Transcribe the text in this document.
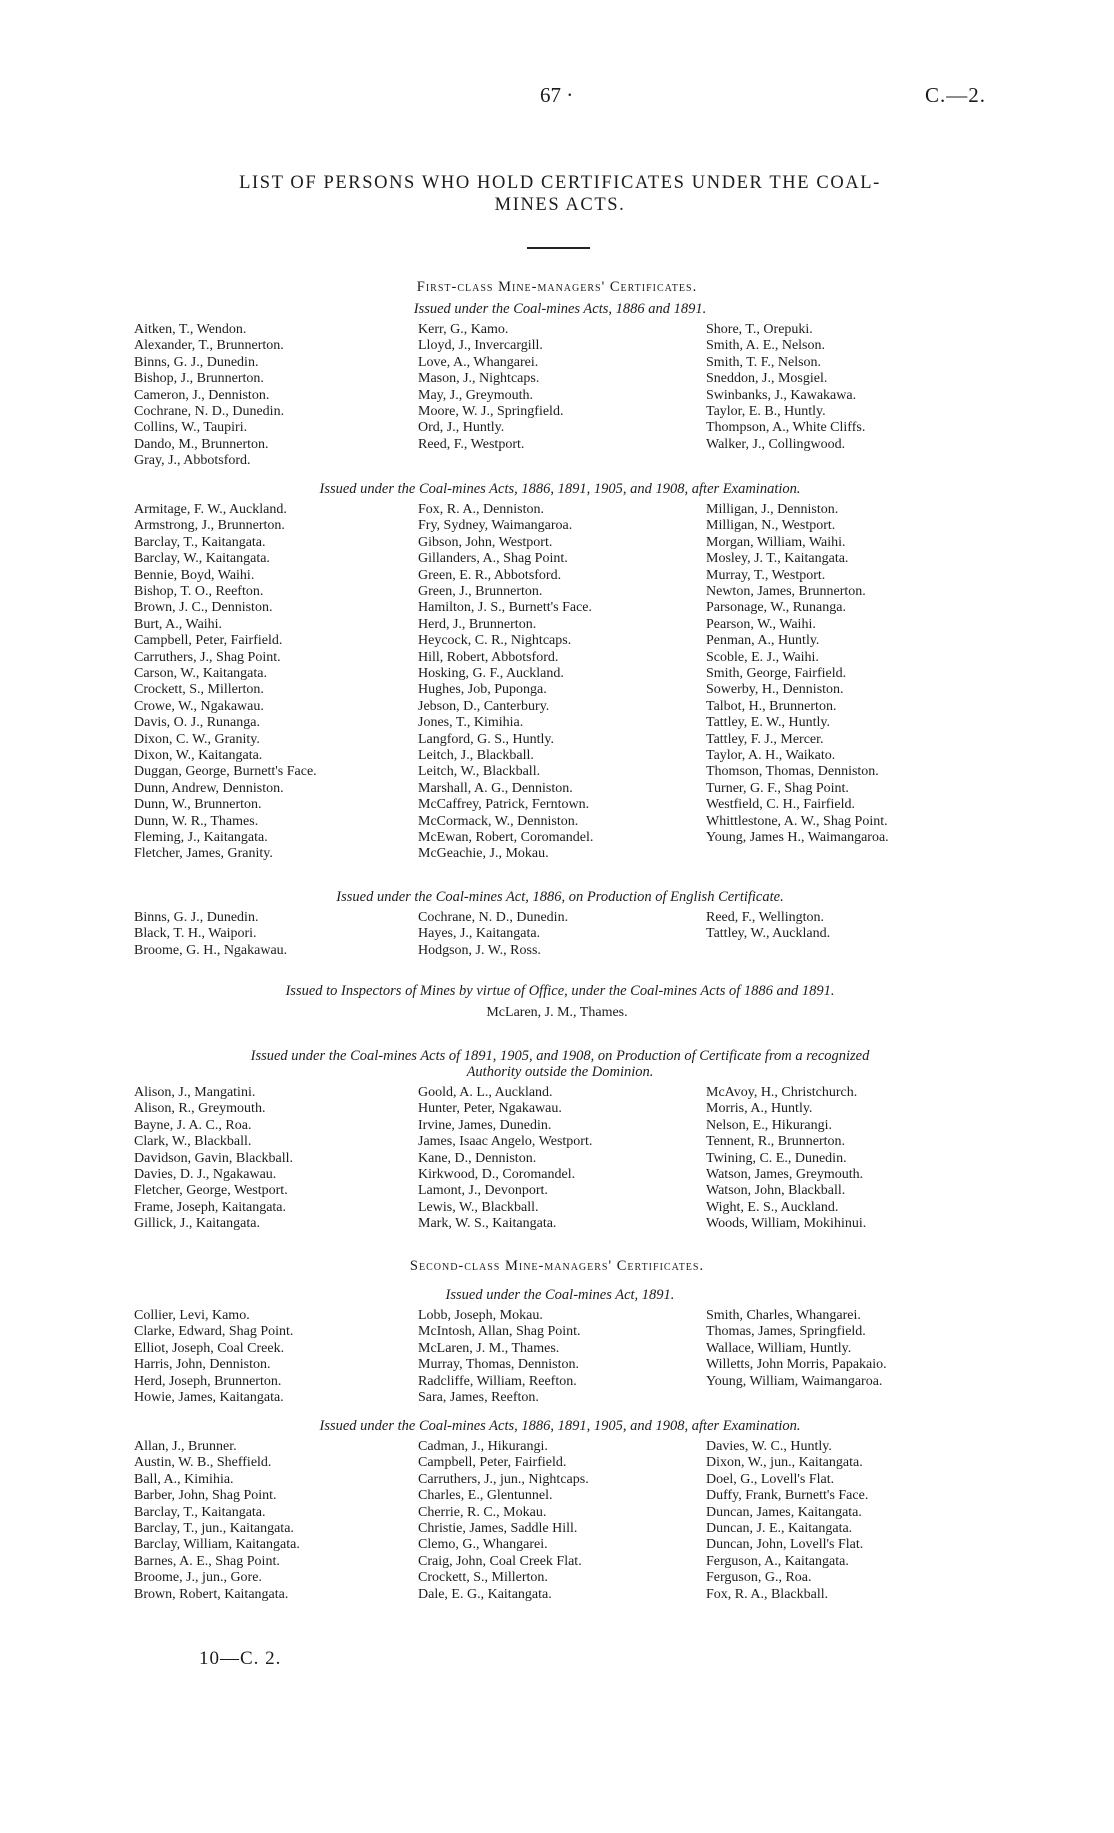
67 ·	C.—2.
LIST OF PERSONS WHO HOLD CERTIFICATES UNDER THE COAL-
MINES ACTS.
First-class Mine-managers' Certificates.
Issued under the Coal-mines Acts, 1886 and 1891.
Aitken, T., Wendon.	Kerr, G., Kamo.	Shore, T., Orepuki.
Alexander, T., Brunnerton.	Lloyd, J., Invercargill.	Smith, A. E., Nelson.
Binns, G. J., Dunedin.	Love, A., Whangarei.	Smith, T. F., Nelson.
Bishop, J., Brunnerton.	Mason, J., Nightcaps.	Sneddon, J., Mosgiel.
Cameron, J., Denniston.	May, J., Greymouth.	Swinbanks, J., Kawakawa.
Cochrane, N. D., Dunedin.	Moore, W. J., Springfield.	Taylor, E. B., Huntly.
Collins, W., Taupiri.	Ord, J., Huntly.	Thompson, A., White Cliffs.
Dando, M., Brunnerton.	Reed, F., Westport.	Walker, J., Collingwood.
Gray, J., Abbotsford.
Issued under the Coal-mines Acts, 1886, 1891, 1905, and 1908, after Examination.
Armitage, F. W., Auckland.	Fox, R. A., Denniston.	Milligan, J., Denniston.
Armstrong, J., Brunnerton.	Fry, Sydney, Waimangaroa.	Milligan, N., Westport.
Barclay, T., Kaitangata.	Gibson, John, Westport.	Morgan, William, Waihi.
Barclay, W., Kaitangata.	Gillanders, A., Shag Point.	Mosley, J. T., Kaitangata.
Bennie, Boyd, Waihi.	Green, E. R., Abbotsford.	Murray, T., Westport.
Bishop, T. O., Reefton.	Green, J., Brunnerton.	Newton, James, Brunnerton.
Brown, J. C., Denniston.	Hamilton, J. S., Burnett's Face.	Parsonage, W., Runanga.
Burt, A., Waihi.	Herd, J., Brunnerton.	Pearson, W., Waihi.
Campbell, Peter, Fairfield.	Heycock, C. R., Nightcaps.	Penman, A., Huntly.
Carruthers, J., Shag Point.	Hill, Robert, Abbotsford.	Scoble, E. J., Waihi.
Carson, W., Kaitangata.	Hosking, G. F., Auckland.	Smith, George, Fairfield.
Crockett, S., Millerton.	Hughes, Job, Puponga.	Sowerby, H., Denniston.
Crowe, W., Ngakawau.	Jebson, D., Canterbury.	Talbot, H., Brunnerton.
Davis, O. J., Runanga.	Jones, T., Kimihia.	Tattley, E. W., Huntly.
Dixon, C. W., Granity.	Langford, G. S., Huntly.	Tattley, F. J., Mercer.
Dixon, W., Kaitangata.	Leitch, J., Blackball.	Taylor, A. H., Waikato.
Duggan, George, Burnett's Face.	Leitch, W., Blackball.	Thomson, Thomas, Denniston.
Dunn, Andrew, Denniston.	Marshall, A. G., Denniston.	Turner, G. F., Shag Point.
Dunn, W., Brunnerton.	McCaffrey, Patrick, Ferntown.	Westfield, C. H., Fairfield.
Dunn, W. R., Thames.	McCormack, W., Denniston.	Whittlestone, A. W., Shag Point.
Fleming, J., Kaitangata.	McEwan, Robert, Coromandel.	Young, James H., Waimangaroa.
Fletcher, James, Granity.	McGeachie, J., Mokau.
Issued under the Coal-mines Act, 1886, on Production of English Certificate.
Binns, G. J., Dunedin.	Cochrane, N. D., Dunedin.	Reed, F., Wellington.
Black, T. H., Waipori.	Hayes, J., Kaitangata.	Tattley, W., Auckland.
Broome, G. H., Ngakawau.	Hodgson, J. W., Ross.
Issued to Inspectors of Mines by virtue of Office, under the Coal-mines Acts of 1886 and 1891.
McLaren, J. M., Thames.
Issued under the Coal-mines Acts of 1891, 1905, and 1908, on Production of Certificate from a recognized
Authority outside the Dominion.
Alison, J., Mangatini.	Goold, A. L., Auckland.	McAvoy, H., Christchurch.
Alison, R., Greymouth.	Hunter, Peter, Ngakawau.	Morris, A., Huntly.
Bayne, J. A. C., Roa.	Irvine, James, Dunedin.	Nelson, E., Hikurangi.
Clark, W., Blackball.	James, Isaac Angelo, Westport.	Tennent, R., Brunnerton.
Davidson, Gavin, Blackball.	Kane, D., Denniston.	Twining, C. E., Dunedin.
Davies, D. J., Ngakawau.	Kirkwood, D., Coromandel.	Watson, James, Greymouth.
Fletcher, George, Westport.	Lamont, J., Devonport.	Watson, John, Blackball.
Frame, Joseph, Kaitangata.	Lewis, W., Blackball.	Wight, E. S., Auckland.
Gillick, J., Kaitangata.	Mark, W. S., Kaitangata.	Woods, William, Mokihinui.
Second-class Mine-managers' Certificates.
Issued under the Coal-mines Act, 1891.
Collier, Levi, Kamo.	Lobb, Joseph, Mokau.	Smith, Charles, Whangarei.
Clarke, Edward, Shag Point.	McIntosh, Allan, Shag Point.	Thomas, James, Springfield.
Elliot, Joseph, Coal Creek.	McLaren, J. M., Thames.	Wallace, William, Huntly.
Harris, John, Denniston.	Murray, Thomas, Denniston.	Willetts, John Morris, Papakaio.
Herd, Joseph, Brunnerton.	Radcliffe, William, Reefton.	Young, William, Waimangaroa.
Howie, James, Kaitangata.	Sara, James, Reefton.
Issued under the Coal-mines Acts, 1886, 1891, 1905, and 1908, after Examination.
Allan, J., Brunner.	Cadman, J., Hikurangi.	Davies, W. C., Huntly.
Austin, W. B., Sheffield.	Campbell, Peter, Fairfield.	Dixon, W., jun., Kaitangata.
Ball, A., Kimihia.	Carruthers, J., jun., Nightcaps.	Doel, G., Lovell's Flat.
Barber, John, Shag Point.	Charles, E., Glentunnel.	Duffy, Frank, Burnett's Face.
Barclay, T., Kaitangata.	Cherrie, R. C., Mokau.	Duncan, James, Kaitangata.
Barclay, T., jun., Kaitangata.	Christie, James, Saddle Hill.	Duncan, J. E., Kaitangata.
Barclay, William, Kaitangata.	Clemo, G., Whangarei.	Duncan, John, Lovell's Flat.
Barnes, A. E., Shag Point.	Craig, John, Coal Creek Flat.	Ferguson, A., Kaitangata.
Broome, J., jun., Gore.	Crockett, S., Millerton.	Ferguson, G., Roa.
Brown, Robert, Kaitangata.	Dale, E. G., Kaitangata.	Fox, R. A., Blackball.
10—C. 2.
